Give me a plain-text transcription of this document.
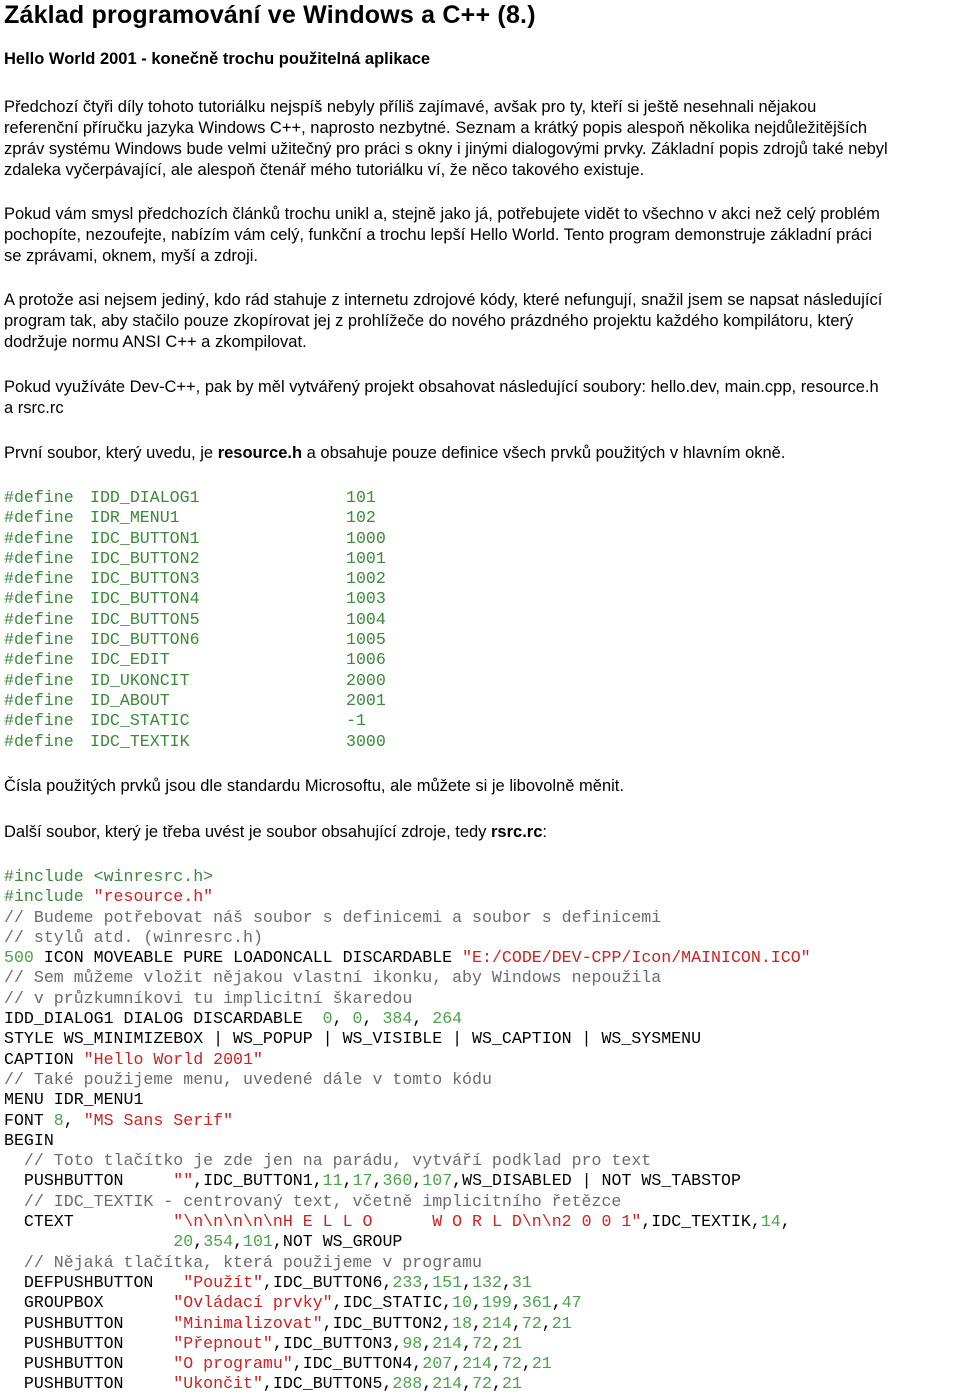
Základ programování ve Windows a C++ (8.)
Hello World 2001 - konečně trochu použitelná aplikace
Předchozí čtyři díly tohoto tutoriálku nejspíš nebyly příliš zajímavé, avšak pro ty, kteří si ještě nesehnali nějakou
referenční příručku jazyka Windows C++, naprosto nezbytné. Seznam a krátký popis alespoň několika nejdůležitějších
zpráv systému Windows bude velmi užitečný pro práci s okny i jinými dialogovými prvky. Základní popis zdrojů také nebyl
zdaleka vyčerpávající, ale alespoň čtenář mého tutoriálku ví, že něco takového existuje.
Pokud vám smysl předchozích článků trochu unikl a, stejně jako já, potřebujete vidět to všechno v akci než celý problém
pochopíte, nezoufejte, nabízím vám celý, funkční a trochu lepší Hello World. Tento program demonstruje základní práci
se zprávami, oknem, myší a zdroji.
A protože asi nejsem jediný, kdo rád stahuje z internetu zdrojové kódy, které nefungují, snažil jsem se napsat následující
program tak, aby stačilo pouze zkopírovat jej z prohlížeče do nového prázdného projektu každého kompilátoru, který
dodržuje normu ANSI C++ a zkompilovat.
Pokud využíváte Dev-C++, pak by měl vytvářený projekt obsahovat následující soubory: hello.dev, main.cpp, resource.h
a rsrc.rc
První soubor, který uvedu, je resource.h a obsahuje pouze definice všech prvků použitých v hlavním okně.
#define IDD_DIALOG1	101
#define IDR_MENU1	102
#define IDC_BUTTON1	1000
#define IDC_BUTTON2	1001
#define IDC_BUTTON3	1002
#define IDC_BUTTON4	1003
#define IDC_BUTTON5	1004
#define IDC_BUTTON6	1005
#define IDC_EDIT	1006
#define ID_UKONCIT	2000
#define ID_ABOUT	2001
#define IDC_STATIC	-1
#define IDC_TEXTIK	3000
Čísla použitých prvků jsou dle standardu Microsoftu, ale můžete si je libovolně měnit.
Další soubor, který je třeba uvést je soubor obsahující zdroje, tedy rsrc.rc:
#include <winresrc.h>
#include "resource.h"
// Budeme potřebovat náš soubor s definicemi a soubor s definicemi
// stylů atd. (winresrc.h)
500 ICON MOVEABLE PURE LOADONCALL DISCARDABLE "E:/CODE/DEV-CPP/Icon/MAINICON.ICO"
// Sem můžeme vložit nějakou vlastní ikonku, aby Windows nepoužila
// v průzkumníkovi tu implicitní škaredou
IDD_DIALOG1 DIALOG DISCARDABLE  0, 0, 384, 264
STYLE WS_MINIMIZEBOX | WS_POPUP | WS_VISIBLE | WS_CAPTION | WS_SYSMENU
CAPTION "Hello World 2001"
// Také použijeme menu, uvedené dále v tomto kódu
MENU IDR_MENU1
FONT 8, "MS Sans Serif"
BEGIN
// Toto tlačítko je zde jen na parádu, vytváří podklad pro text
PUSHBUTTON     "",IDC_BUTTON1,11,17,360,107,WS_DISABLED | NOT WS_TABSTOP
// IDC_TEXTIK - centrovaný text, včetně implicitního řetězce
CTEXT          "\n\n\n\n\nH E L L O      W O R L D\n\n2 0 0 1",IDC_TEXTIK,14,
20,354,101,NOT WS_GROUP
// Nějaká tlačítka, která použijeme v programu
DEFPUSHBUTTON   "Použít",IDC_BUTTON6,233,151,132,31
GROUPBOX       "Ovládací prvky",IDC_STATIC,10,199,361,47
PUSHBUTTON     "Minimalizovat",IDC_BUTTON2,18,214,72,21
PUSHBUTTON     "Přepnout",IDC_BUTTON3,98,214,72,21
PUSHBUTTON     "O programu",IDC_BUTTON4,207,214,72,21
PUSHBUTTON     "Ukončit",IDC_BUTTON5,288,214,72,21
